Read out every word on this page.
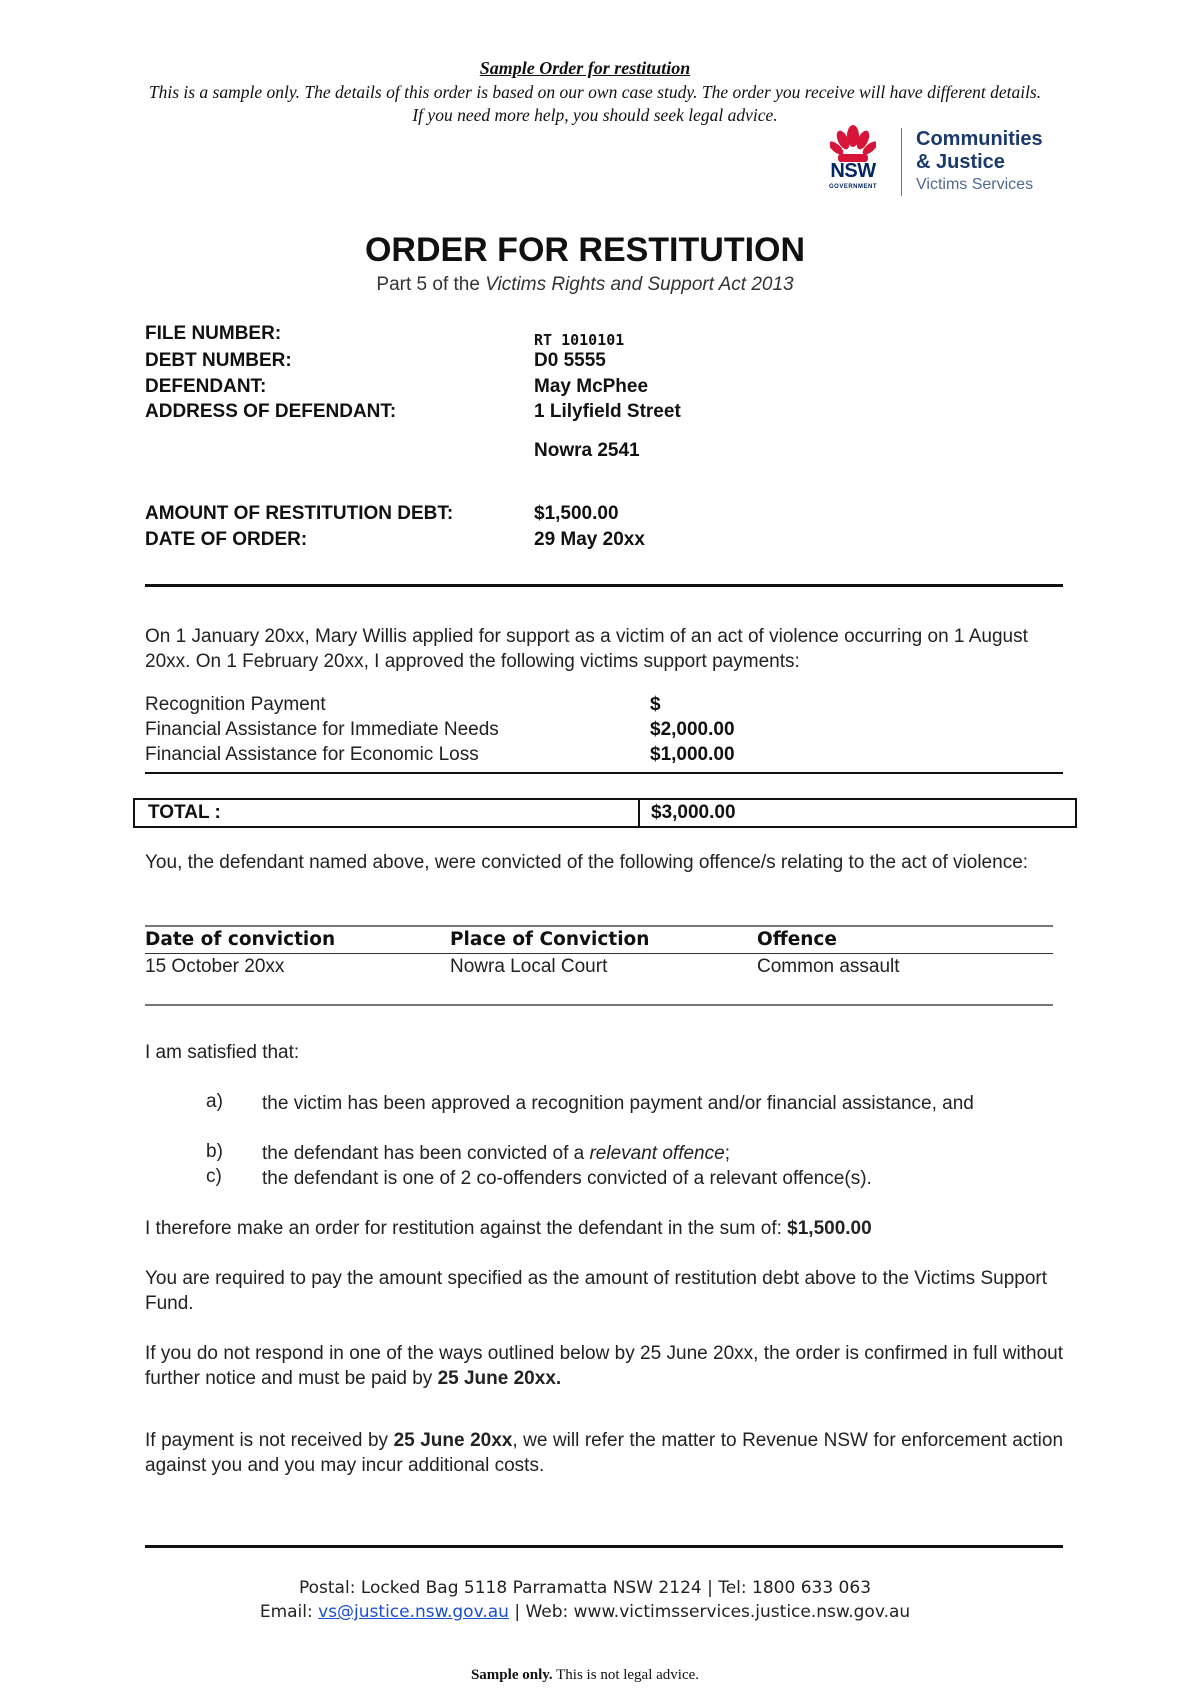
Sample Order for restitution
This is a sample only. The details of this order is based on our own case study. The order you receive will have different details. If you need more help, you should seek legal advice.
NSW
GOVERNMENT
Communities
& Justice
Victims Services
ORDER FOR RESTITUTION
Part 5 of the Victims Rights and Support Act 2013
FILE NUMBER:	RT 1010101
DEBT NUMBER:	D0 5555
DEFENDANT:	May McPhee
ADDRESS OF DEFENDANT:	1 Lilyfield Street
Nowra 2541
AMOUNT OF RESTITUTION DEBT:	$1,500.00
DATE OF ORDER:	29 May 20xx
On 1 January 20xx, Mary Willis applied for support as a victim of an act of violence occurring on 1 August 20xx. On 1 February 20xx, I approved the following victims support payments:
Recognition Payment	$
Financial Assistance for Immediate Needs	$2,000.00
Financial Assistance for Economic Loss	$1,000.00
TOTAL :	$3,000.00
You, the defendant named above, were convicted of the following offence/s relating to the act of violence:
Date of conviction	Place of Conviction	Offence
15 October 20xx	Nowra Local Court	Common assault
I am satisfied that:
a) the victim has been approved a recognition payment and/or financial assistance, and
b) the defendant has been convicted of a relevant offence;
c) the defendant is one of 2 co-offenders convicted of a relevant offence(s).
I therefore make an order for restitution against the defendant in the sum of: $1,500.00
You are required to pay the amount specified as the amount of restitution debt above to the Victims Support Fund.
If you do not respond in one of the ways outlined below by 25 June 20xx, the order is confirmed in full without further notice and must be paid by 25 June 20xx.
If payment is not received by 25 June 20xx, we will refer the matter to Revenue NSW for enforcement action against you and you may incur additional costs.
Postal: Locked Bag 5118 Parramatta NSW 2124 | Tel: 1800 633 063
Email: vs@justice.nsw.gov.au | Web: www.victimsservices.justice.nsw.gov.au
Sample only. This is not legal advice.
